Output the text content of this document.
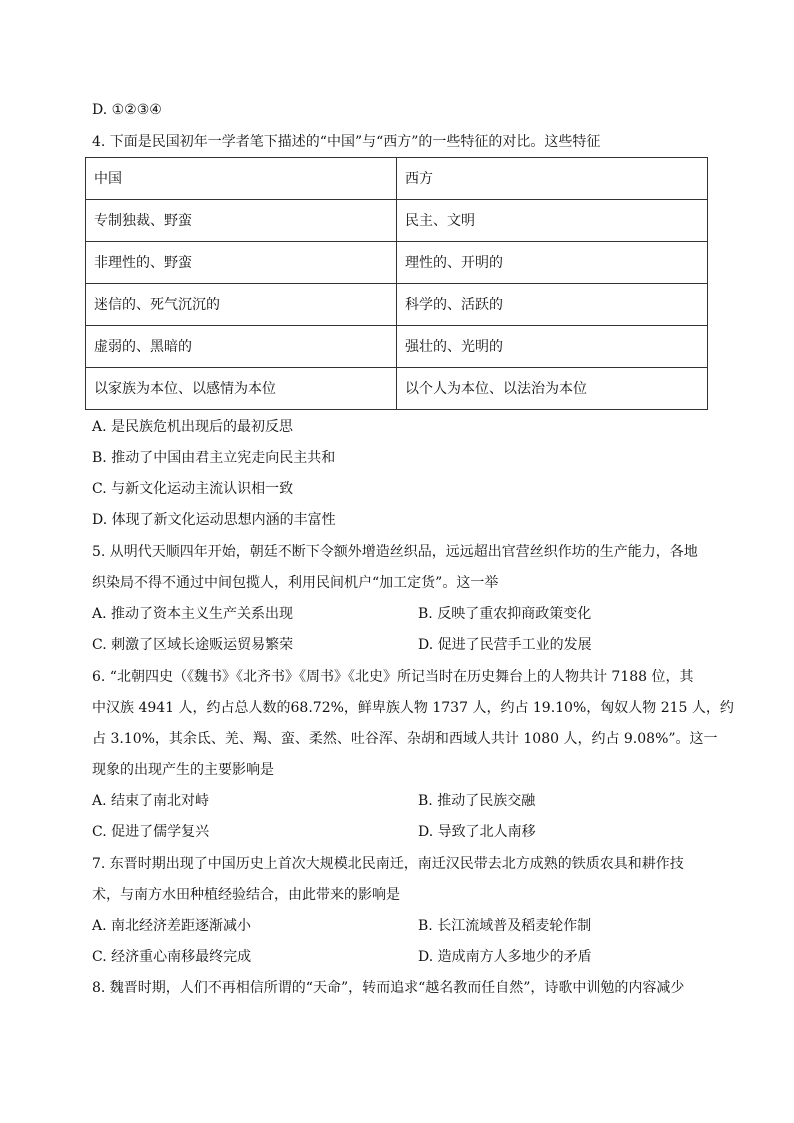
D. ①②③④
4. 下面是民国初年一学者笔下描述的“中国”与“西方”的一些特征的对比。这些特征
中国	西方
专制独裁、野蛮	民主、文明
非理性的、野蛮	理性的、开明的
迷信的、死气沉沉的	科学的、活跃的
虚弱的、黑暗的	强壮的、光明的
以家族为本位、以感情为本位	以个人为本位、以法治为本位
A. 是民族危机出现后的最初反思
B. 推动了中国由君主立宪走向民主共和
C. 与新文化运动主流认识相一致
D. 体现了新文化运动思想内涵的丰富性
5. 从明代天顺四年开始，朝廷不断下令额外增造丝织品，远远超出官营丝织作坊的生产能力，各地
织染局不得不通过中间包揽人，利用民间机户“加工定货”。这一举
A. 推动了资本主义生产关系出现	B. 反映了重农抑商政策变化
C. 刺激了区域长途贩运贸易繁荣	D. 促进了民营手工业的发展
6. “北朝四史（《魏书》《北齐书》《周书》《北史》所记当时在历史舞台上的人物共计 7188 位，其
中汉族 4941 人，约占总人数的68.72%，鲜卑族人物 1737 人，约占 19.10%，匈奴人物 215 人，约
占 3.10%，其余氐、羌、羯、蛮、柔然、吐谷浑、杂胡和西域人共计 1080 人，约占 9.08%”。这一
现象的出现产生的主要影响是
A. 结束了南北对峙	B. 推动了民族交融
C. 促进了儒学复兴	D. 导致了北人南移
7. 东晋时期出现了中国历史上首次大规模北民南迁，南迁汉民带去北方成熟的铁质农具和耕作技
术，与南方水田种植经验结合，由此带来的影响是
A. 南北经济差距逐渐减小	B. 长江流域普及稻麦轮作制
C. 经济重心南移最终完成	D. 造成南方人多地少的矛盾
8. 魏晋时期，人们不再相信所谓的“天命”，转而追求“越名教而任自然”，诗歌中训勉的内容减少
